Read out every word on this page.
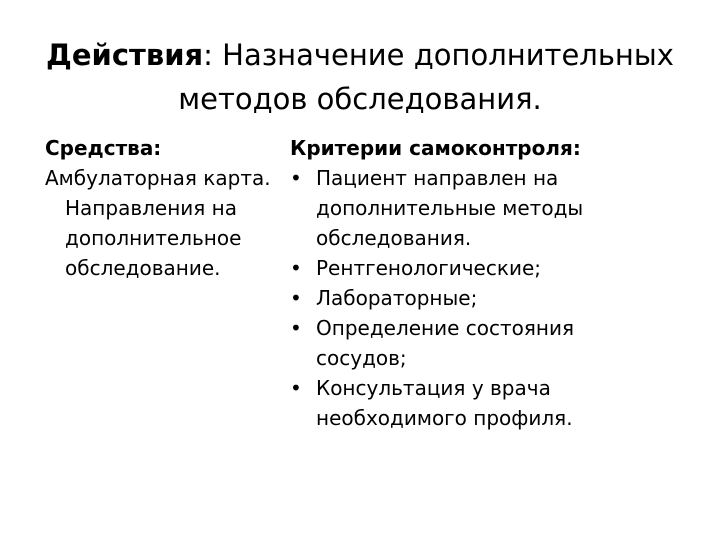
Действия: Назначение дополнительных
методов обследования.
Средства:
Амбулаторная карта.
Направления на
дополнительное
обследование.
Критерии самоконтроля:
• Пациент направлен на
дополнительные методы
обследования.
• Рентгенологические;
• Лабораторные;
• Определение состояния
сосудов;
• Консультация у врача
необходимого профиля.
